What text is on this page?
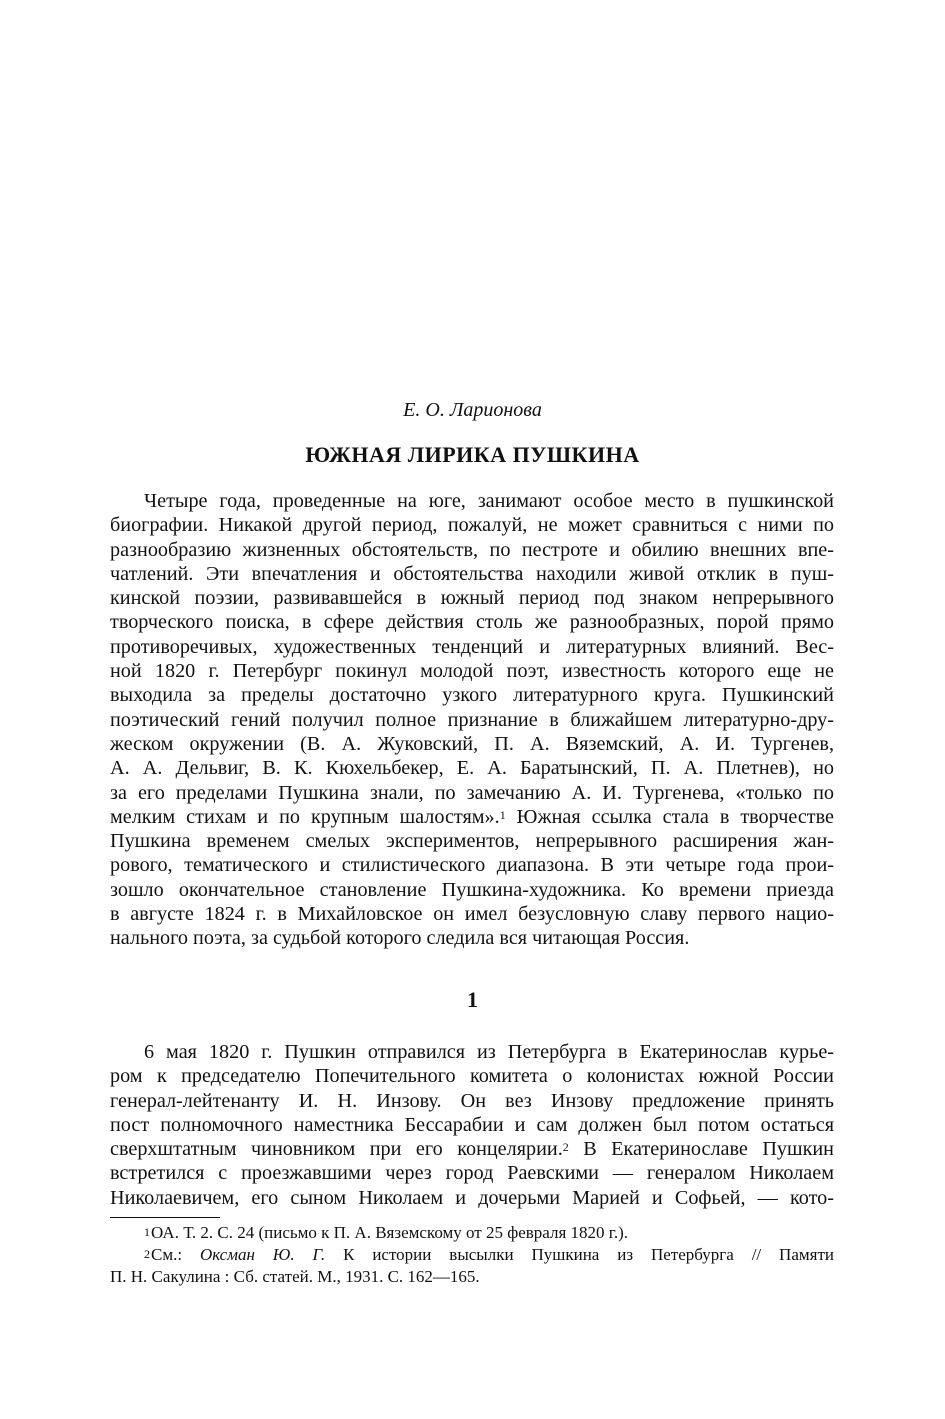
Е. О. Ларионова
ЮЖНАЯ ЛИРИКА ПУШКИНА
Четыре года, проведенные на юге, занимают особое место в пушкинской
биографии. Никакой другой период, пожалуй, не может сравниться с ними по
разнообразию жизненных обстоятельств, по пестроте и обилию внешних впе-
чатлений. Эти впечатления и обстоятельства находили живой отклик в пуш-
кинской поэзии, развивавшейся в южный период под знаком непрерывного
творческого поиска, в сфере действия столь же разнообразных, порой прямо
противоречивых, художественных тенденций и литературных влияний. Вес-
ной 1820 г. Петербург покинул молодой поэт, известность которого еще не
выходила за пределы достаточно узкого литературного круга. Пушкинский
поэтический гений получил полное признание в ближайшем литературно-дру-
жеском окружении (В. А. Жуковский, П. А. Вяземский, А. И. Тургенев,
А. А. Дельвиг, В. К. Кюхельбекер, Е. А. Баратынский, П. А. Плетнев), но
за его пределами Пушкина знали, по замечанию А. И. Тургенева, «только по
мелким стихам и по крупным шалостям».$^1$ Южная ссылка стала в творчестве
Пушкина временем смелых экспериментов, непрерывного расширения жан-
рового, тематического и стилистического диапазона. В эти четыре года прои-
зошло окончательное становление Пушкина-художника. Ко времени приезда
в августе 1824 г. в Михайловское он имел безусловную славу первого нацио-
нального поэта, за судьбой которого следила вся читающая Россия.
1
6 мая 1820 г. Пушкин отправился из Петербурга в Екатеринослав курье-
ром к председателю Попечительного комитета о колонистах южной России
генерал-лейтенанту И. Н. Инзову. Он вез Инзову предложение принять
пост полномочного наместника Бессарабии и сам должен был потом остаться
сверхштатным чиновником при его концелярии.$^2$ В Екатеринославе Пушкин
встретился с проезжавшими через город Раевскими — генералом Николаем
Николаевичем, его сыном Николаем и дочерьми Марией и Софьей, — кото-
$^1$ОА. Т. 2. С. 24 (письмо к П. А. Вяземскому от 25 февраля 1820 г.).
$^2$См.: Оксман Ю. Г. К истории высылки Пушкина из Петербурга // Памяти
П. Н. Сакулина : Сб. статей. М., 1931. С. 162—165.
